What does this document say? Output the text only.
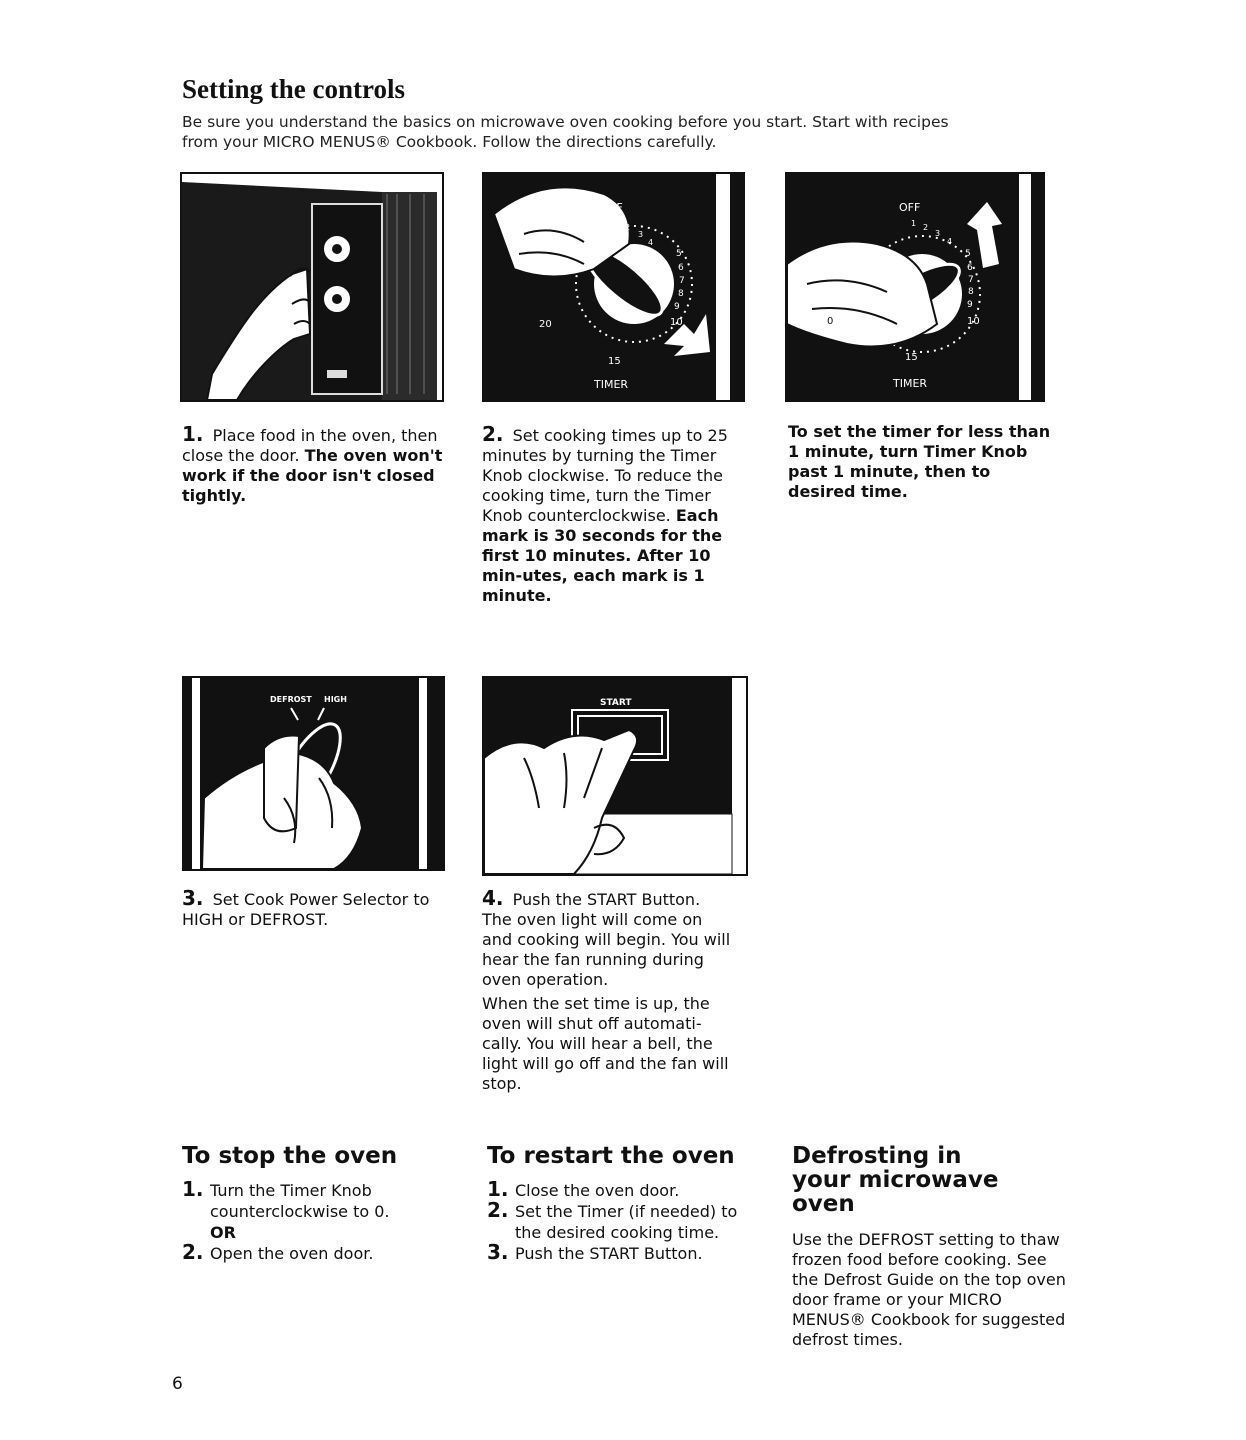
Setting the controls
Be sure you understand the basics on microwave oven cooking before you start. Start with recipes from your MICRO MENUS® Cookbook. Follow the directions carefully.
FF
1 2
3
4
5
6
7
8
9
10
20
15
TIMER
OFF
1 2
3
4
5
6
7
8
9
10
0
15
TIMER
1. Place food in the oven, then close the door. The oven won't work if the door isn't closed tightly.
2. Set cooking times up to 25 minutes by turning the Timer Knob clockwise. To reduce the cooking time, turn the Timer Knob counterclockwise. Each mark is 30 seconds for the first 10 minutes. After 10 min-utes, each mark is 1 minute.
To set the timer for less than 1 minute, turn Timer Knob past 1 minute, then to desired time.
DEFROST HIGH
:OOK
START
3. Set Cook Power Selector to HIGH or DEFROST.
4. Push the START Button. The oven light will come on and cooking will begin. You will hear the fan running during oven operation.
When the set time is up, the oven will shut off automati-cally. You will hear a bell, the light will go off and the fan will stop.
To stop the oven
1. Turn the Timer Knob counterclockwise to 0.
OR
2. Open the oven door.
To restart the oven
1. Close the oven door.
2. Set the Timer (if needed) to the desired cooking time.
3. Push the START Button.
Defrosting in your microwave oven
Use the DEFROST setting to thaw frozen food before cooking. See the Defrost Guide on the top oven door frame or your MICRO MENUS® Cookbook for suggested defrost times.
6
